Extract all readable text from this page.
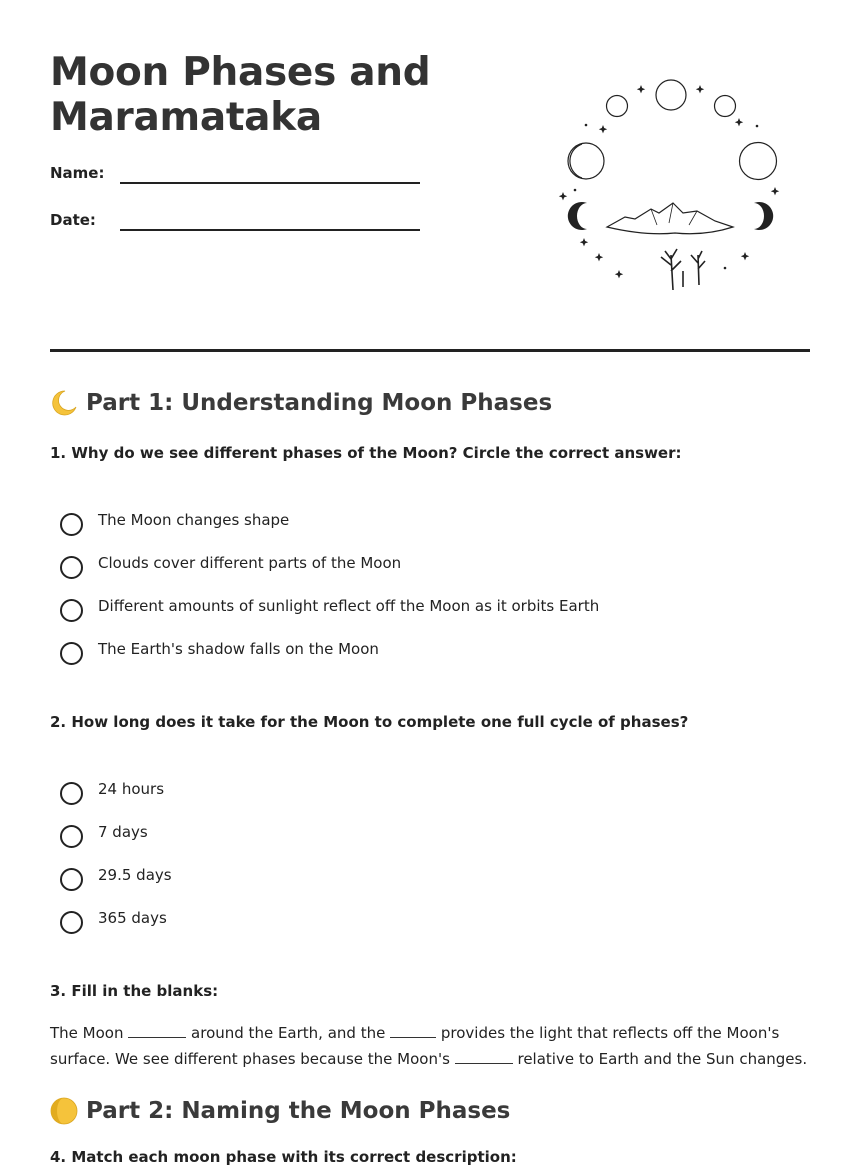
Moon Phases and
Maramataka
Name:
Date:
Part 1: Understanding Moon Phases

1. Why do we see different phases of the Moon? Circle the correct answer:

The Moon changes shape
Clouds cover different parts of the Moon
Different amounts of sunlight reflect off the Moon as it orbits Earth
The Earth's shadow falls on the Moon

2. How long does it take for the Moon to complete one full cycle of phases?

24 hours
7 days
29.5 days
365 days

3. Fill in the blanks:

The Moon	around the Earth, and the	provides the light that reflects off the Moon's surface. We see different phases because the Moon's	relative to Earth and the Sun changes.

Part 2: Naming the Moon Phases

4. Match each moon phase with its correct description:
